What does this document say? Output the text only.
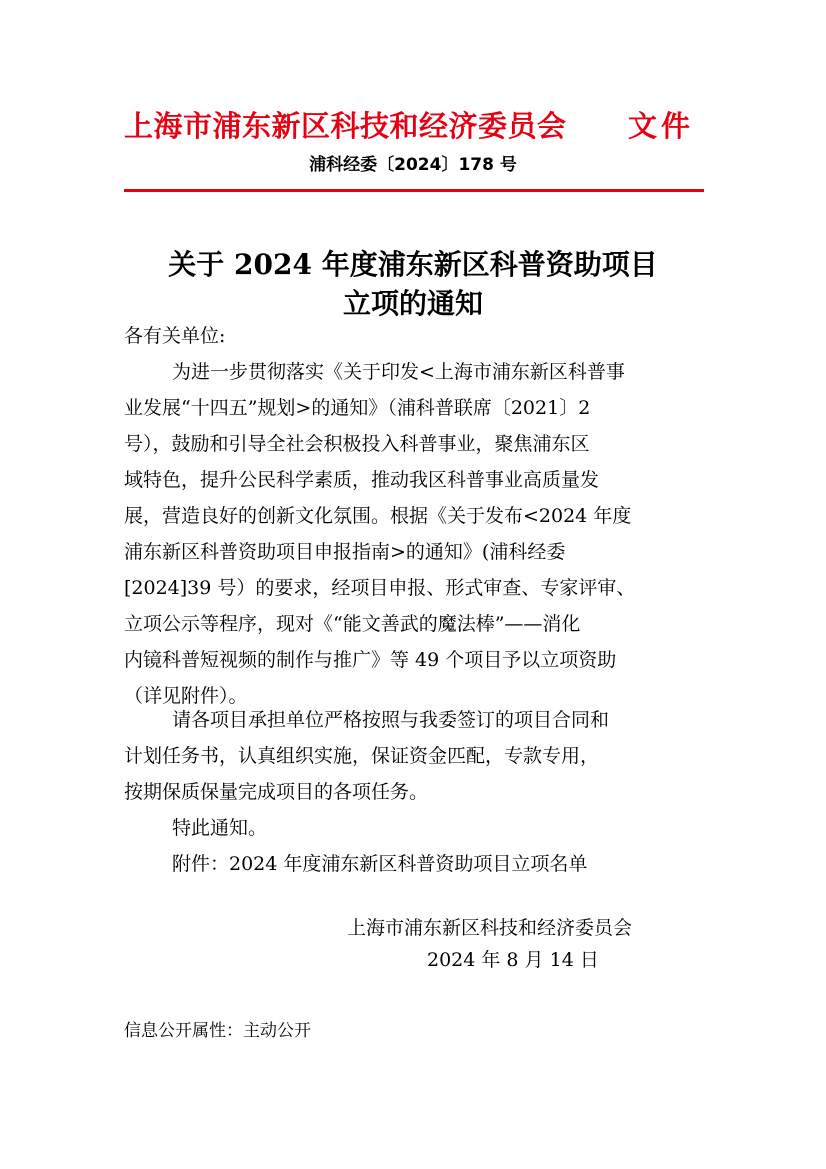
上海市浦东新区科技和经济委员会 文件
浦科经委〔2024〕178 号
关于 2024 年度浦东新区科普资助项目
立项的通知
各有关单位:
为进一步贯彻落实《关于印发<上海市浦东新区科普事
业发展“十四五”规划>的通知》（浦科普联席〔2021〕2
号），鼓励和引导全社会积极投入科普事业，聚焦浦东区
域特色，提升公民科学素质，推动我区科普事业高质量发
展，营造良好的创新文化氛围。根据《关于发布<2024 年度
浦东新区科普资助项目申报指南>的通知》(浦科经委
[2024]39 号）的要求，经项目申报、形式审查、专家评审、
立项公示等程序，现对《“能文善武的魔法棒”——消化
内镜科普短视频的制作与推广》等 49 个项目予以立项资助
（详见附件）。
请各项目承担单位严格按照与我委签订的项目合同和
计划任务书，认真组织实施，保证资金匹配，专款专用，
按期保质保量完成项目的各项任务。
特此通知。
附件：2024 年度浦东新区科普资助项目立项名单
上海市浦东新区科技和经济委员会
2024 年 8 月 14 日
信息公开属性：主动公开
